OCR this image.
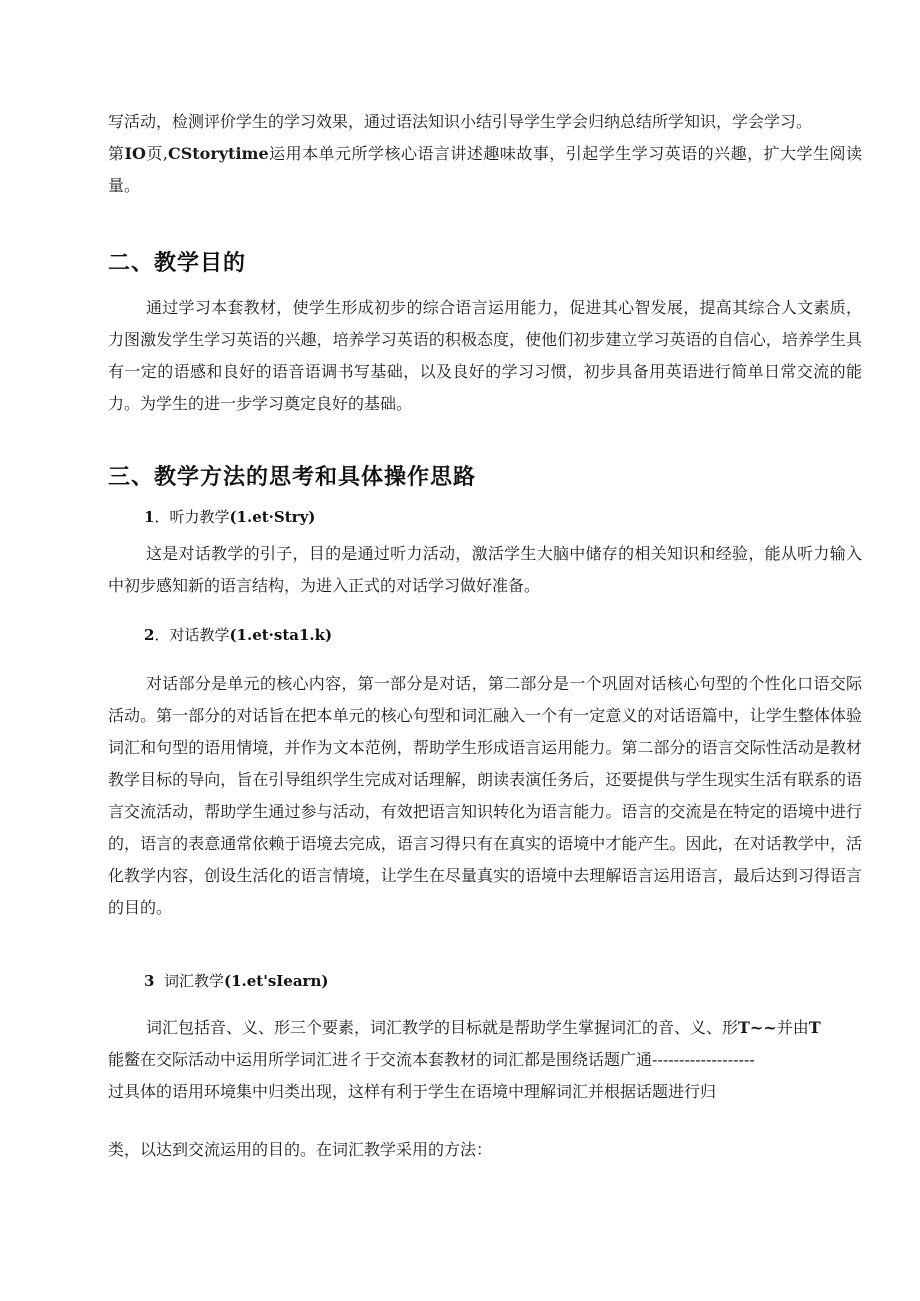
写活动，检测评价学生的学习效果，通过语法知识小结引导学生学会归纳总结所学知识，学会学习。
第IO页,CStorytime运用本单元所学核心语言讲述趣味故事，引起学生学习英语的兴趣，扩大学生阅读量。

二、教学目的

通过学习本套教材，使学生形成初步的综合语言运用能力，促进其心智发展，提高其综合人文素质，力图激发学生学习英语的兴趣，培养学习英语的积极态度，使他们初步建立学习英语的自信心，培养学生具有一定的语感和良好的语音语调书写基础，以及良好的学习习惯，初步具备用英语进行简单日常交流的能力。为学生的进一步学习奠定良好的基础。

三、教学方法的思考和具体操作思路
1．听力教学(1.et·Stry)

这是对话教学的引子，目的是通过听力活动，激活学生大脑中储存的相关知识和经验，能从听力输入中初步感知新的语言结构，为进入正式的对话学习做好准备。

2．对话教学(1.et·sta1.k)

对话部分是单元的核心内容，第一部分是对话，第二部分是一个巩固对话核心句型的个性化口语交际活动。第一部分的对话旨在把本单元的核心句型和词汇融入一个有一定意义的对话语篇中，让学生整体体验词汇和句型的语用情境，并作为文本范例，帮助学生形成语言运用能力。第二部分的语言交际性活动是教材教学目标的导向，旨在引导组织学生完成对话理解，朗读表演任务后，还要提供与学生现实生活有联系的语言交流活动，帮助学生通过参与活动，有效把语言知识转化为语言能力。语言的交流是在特定的语境中进行的，语言的表意通常依赖于语境去完成，语言习得只有在真实的语境中才能产生。因此，在对话教学中，活化教学内容，创设生活化的语言情境，让学生在尽量真实的语境中去理解语言运用语言，最后达到习得语言的目的。

3 词汇教学(1.et'sIearn)

词汇包括音、义、形三个要素，词汇教学的目标就是帮助学生掌握词汇的音、义、形T~~并由T
能鳖在交际活动中运用所学词汇进彳于交流本套教材的词汇都是围绕话题广通-------------------
过具体的语用环境集中归类出现，这样有利于学生在语境中理解词汇并根据话题进行归

类，以达到交流运用的目的。在词汇教学采用的方法：
